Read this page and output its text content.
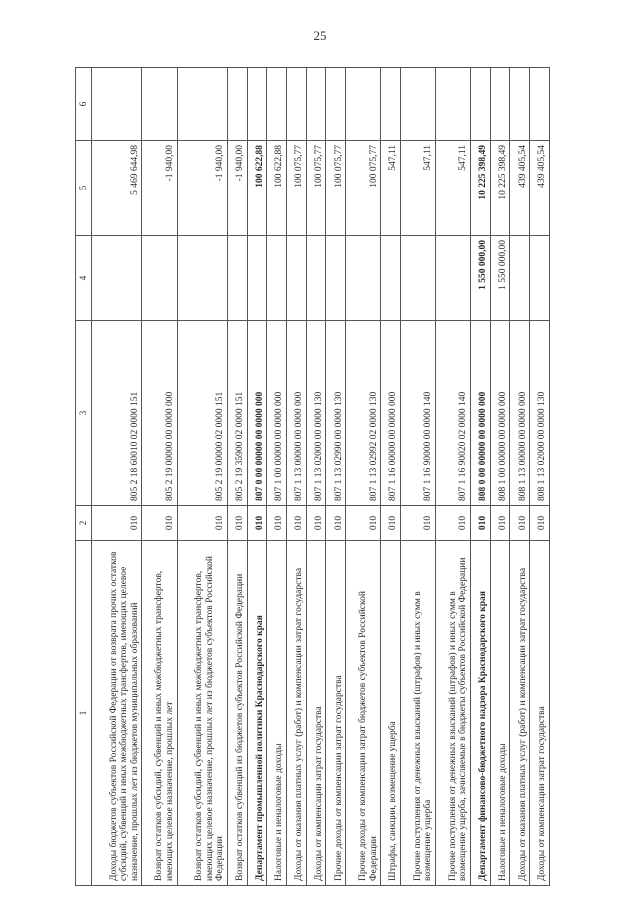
25
1	2	3	4	5	6
Доходы бюджетов субъектов Российской Федерации от возврата прочих остатков субсидий, субвенций и иных межбюджетных трансфертов, имеющих целевое назначение, прошлых лет из бюджетов муниципальных образований	010	805 2 18 60010 02 0000 151		5 469 644,98	
Возврат остатков субсидий, субвенций и иных межбюджетных трансфертов, имеющих целевое назначение, прошлых лет	010	805 2 19 00000 00 0000 000		-1 940,00	
Возврат остатков субсидий, субвенций и иных межбюджетных трансфертов, имеющих целевое назначение, прошлых лет из бюджетов субъектов Российской Федерации	010	805 2 19 00000 02 0000 151		-1 940,00	
Возврат остатков субвенций из бюджетов субъектов Российской Федерации	010	805 2 19 35900 02 0000 151		-1 940,00	
Департамент промышленной политики Краснодарского края	010	807 0 00 00000 00 0000 000		100 622,88	
Налоговые и неналоговые доходы	010	807 1 00 00000 00 0000 000		100 622,88	
Доходы от оказания платных услуг (работ) и компенсации затрат государства	010	807 1 13 00000 00 0000 000		100 075,77	
Доходы от компенсации затрат государства	010	807 1 13 02000 00 0000 130		100 075,77	
Прочие доходы от компенсации затрат государства	010	807 1 13 02990 00 0000 130		100 075,77	
Прочие доходы от компенсации затрат бюджетов субъектов Российской Федерации	010	807 1 13 02992 02 0000 130		100 075,77	
Штрафы, санкции, возмещение ущерба	010	807 1 16 00000 00 0000 000		547,11	
Прочие поступления от денежных взысканий (штрафов) и иных сумм в возмещение ущерба	010	807 1 16 90000 00 0000 140		547,11	
Прочие поступления от денежных взысканий (штрафов) и иных сумм в возмещение ущерба, зачисляемые в бюджеты субъектов Российской Федерации	010	807 1 16 90020 02 0000 140		547,11	
Департамент финансово-бюджетного надзора Краснодарского края	010	808 0 00 00000 00 0000 000	1 550 000,00	10 225 398,49	
Налоговые и неналоговые доходы	010	808 1 00 00000 00 0000 000	1 550 000,00	10 225 398,49	
Доходы от оказания платных услуг (работ) и компенсации затрат государства	010	808 1 13 00000 00 0000 000		439 405,54	
Доходы от компенсации затрат государства	010	808 1 13 02000 00 0000 130		439 405,54	
